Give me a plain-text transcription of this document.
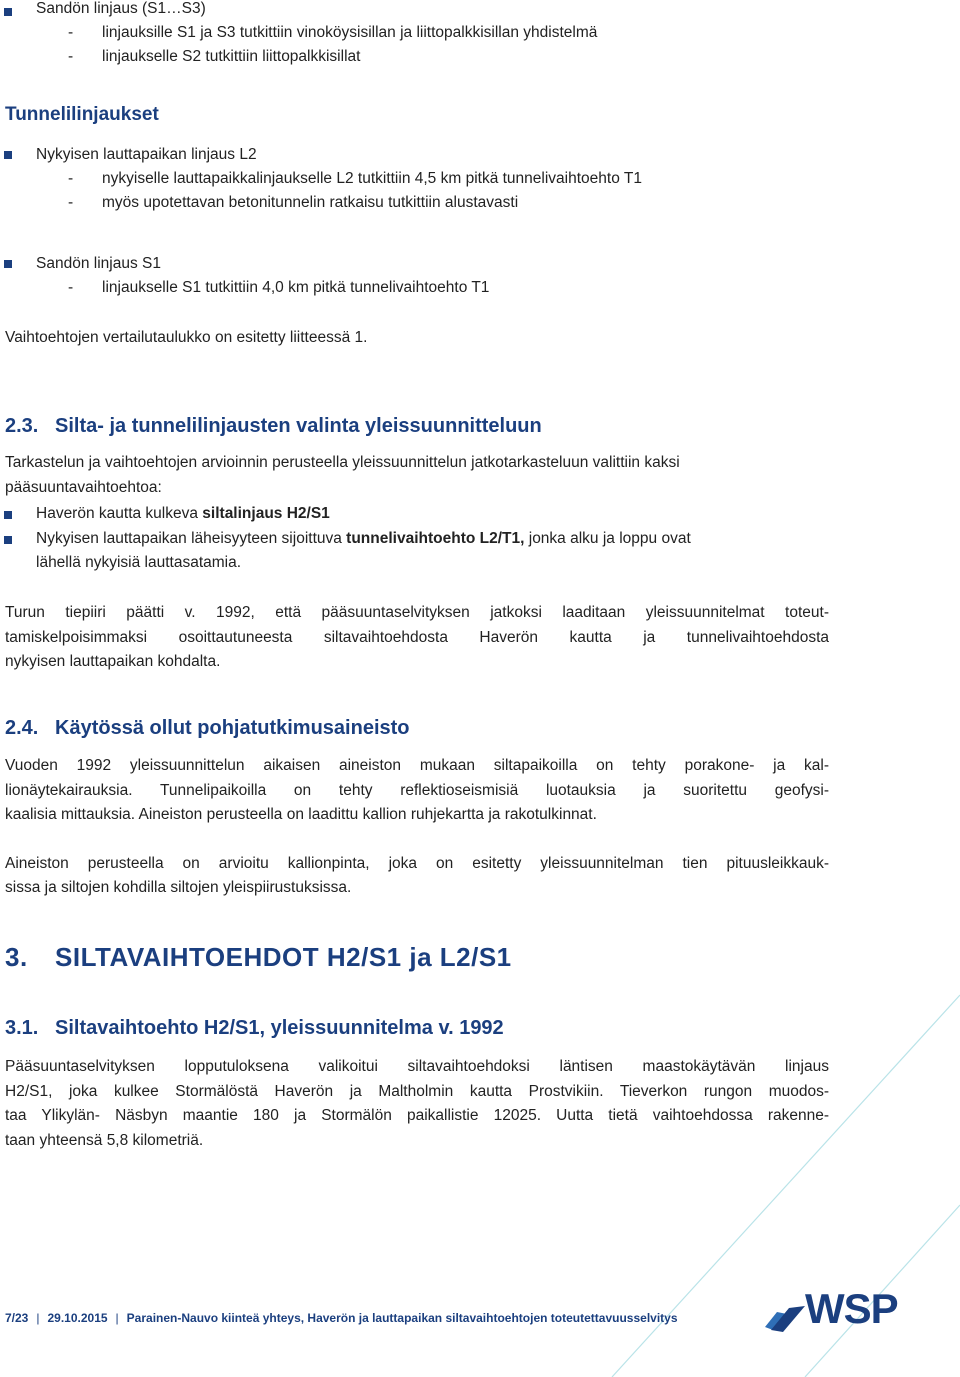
Sandön linjaus (S1…S3)
- linjauksille S1 ja S3 tutkittiin vinoköysisillan ja liittopalkkisillan yhdistelmä
- linjaukselle S2 tutkittiin liittopalkkisillat
Tunnelilinjaukset
Nykyisen lauttapaikan linjaus L2
- nykyiselle lauttapaikkalinjaukselle L2 tutkittiin 4,5 km pitkä tunnelivaihtoehto T1
- myös upotettavan betonitunnelin ratkaisu tutkittiin alustavasti
Sandön linjaus S1
- linjaukselle S1 tutkittiin 4,0 km pitkä tunnelivaihtoehto T1
Vaihtoehtojen vertailutaulukko on esitetty liitteessä 1.
2.3. Silta- ja tunnelilinjausten valinta yleissuunnitteluun
Tarkastelun ja vaihtoehtojen arvioinnin perusteella yleissuunnittelun jatkotarkasteluun valittiin kaksi
pääsuuntavaihtoehtoa:
Haverön kautta kulkeva siltalinjaus H2/S1
Nykyisen lauttapaikan läheisyyteen sijoittuva tunnelivaihtoehto L2/T1, jonka alku ja loppu ovat
lähellä nykyisiä lauttasatamia.
Turun tiepiiri päätti v. 1992, että pääsuuntaselvityksen jatkoksi laaditaan yleissuunnitelmat toteut-
tamiskelpoisimmaksi osoittautuneesta siltavaihtoehdosta Haverön kautta ja tunnelivaihtoehdosta
nykyisen lauttapaikan kohdalta.
2.4. Käytössä ollut pohjatutkimusaineisto
Vuoden 1992 yleissuunnittelun aikaisen aineiston mukaan siltapaikoilla on tehty porakone- ja kal-
lionäytekairauksia. Tunnelipaikoilla on tehty reflektioseismisiä luotauksia ja suoritettu geofysi-
kaalisia mittauksia. Aineiston perusteella on laadittu kallion ruhjekartta ja rakotulkinnat.
Aineiston perusteella on arvioitu kallionpinta, joka on esitetty yleissuunnitelman tien pituusleikkauk-
sissa ja siltojen kohdilla siltojen yleispiirustuksissa.
3. SILTAVAIHTOEHDOT H2/S1 ja L2/S1
3.1. Siltavaihtoehto H2/S1, yleissuunnitelma v. 1992
Pääsuuntaselvityksen lopputuloksena valikoitui siltavaihtoehdoksi läntisen maastokäytävän linjaus
H2/S1, joka kulkee Stormälöstä Haverön ja Maltholmin kautta Prostvikiin. Tieverkon rungon muodos-
taa Ylikylän- Näsbyn maantie 180 ja Stormälön paikallistie 12025. Uutta tietä vaihtoehdossa rakenne-
taan yhteensä 5,8 kilometriä.
WSP
7/23 | 29.10.2015 | Parainen-Nauvo kiinteä yhteys, Haverön ja lauttapaikan siltavaihtoehtojen toteutettavuusselvitys
